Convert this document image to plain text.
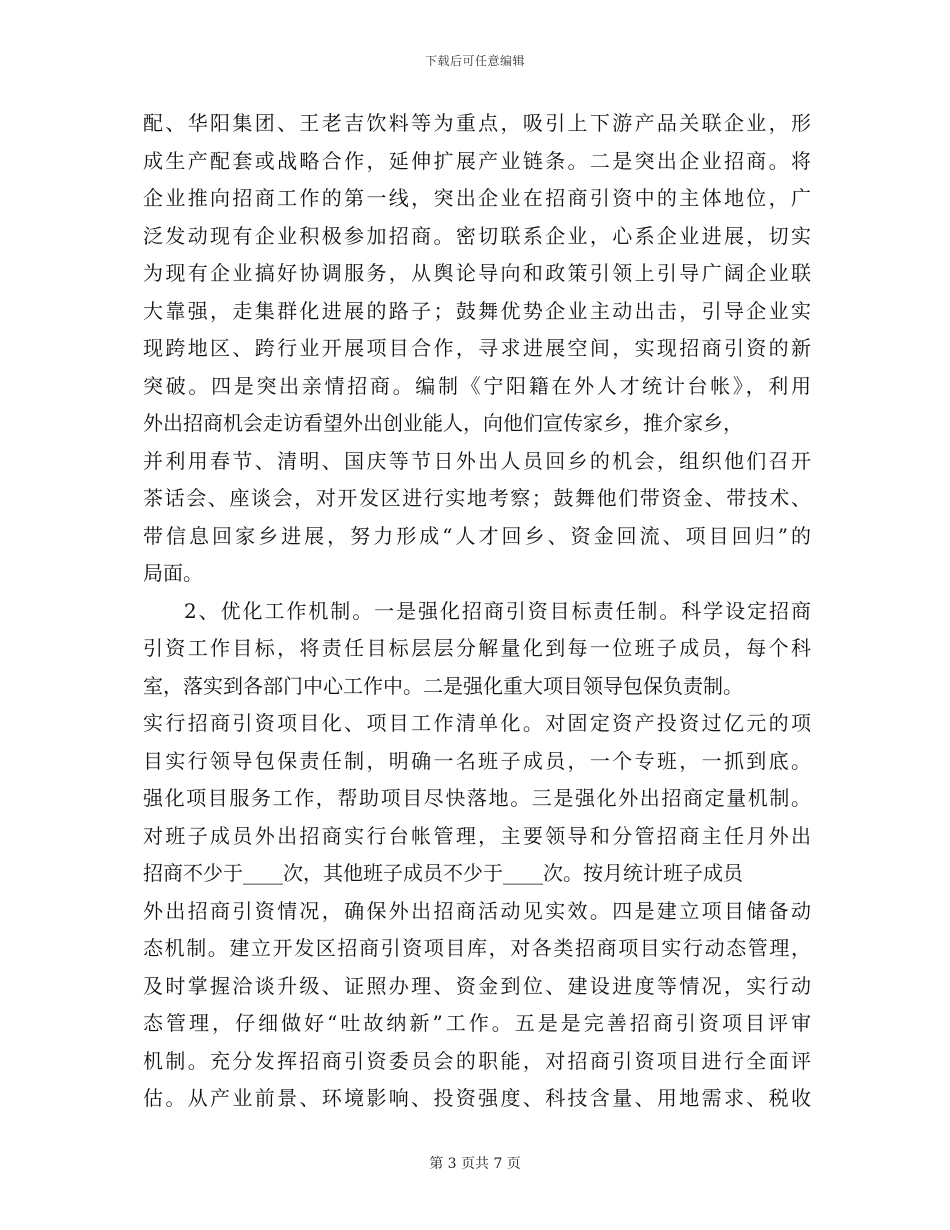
下载后可任意编辑
配、华阳集团、王老吉饮料等为重点，吸引上下游产品关联企业，形
成生产配套或战略合作，延伸扩展产业链条。二是突出企业招商。将
企业推向招商工作的第一线，突出企业在招商引资中的主体地位，广
泛发动现有企业积极参加招商。密切联系企业，心系企业进展，切实
为现有企业搞好协调服务，从舆论导向和政策引领上引导广阔企业联
大靠强，走集群化进展的路子；鼓舞优势企业主动出击，引导企业实
现跨地区、跨行业开展项目合作，寻求进展空间，实现招商引资的新
突破。四是突出亲情招商。编制《宁阳籍在外人才统计台帐》，利用
外出招商机会走访看望外出创业能人，向他们宣传家乡，推介家乡，
并利用春节、清明、国庆等节日外出人员回乡的机会，组织他们召开
茶话会、座谈会，对开发区进行实地考察；鼓舞他们带资金、带技术、
带信息回家乡进展，努力形成“人才回乡、资金回流、项目回归”的
局面。
2、优化工作机制。一是强化招商引资目标责任制。科学设定招商
引资工作目标，将责任目标层层分解量化到每一位班子成员，每个科
室，落实到各部门中心工作中。二是强化重大项目领导包保负责制。
实行招商引资项目化、项目工作清单化。对固定资产投资过亿元的项
目实行领导包保责任制，明确一名班子成员，一个专班，一抓到底。
强化项目服务工作，帮助项目尽快落地。三是强化外出招商定量机制。
对班子成员外出招商实行台帐管理，主要领导和分管招商主任月外出
招商不少于____次，其他班子成员不少于____次。按月统计班子成员
外出招商引资情况，确保外出招商活动见实效。四是建立项目储备动
态机制。建立开发区招商引资项目库，对各类招商项目实行动态管理，
及时掌握洽谈升级、证照办理、资金到位、建设进度等情况，实行动
态管理，仔细做好“吐故纳新”工作。五是是完善招商引资项目评审
机制。充分发挥招商引资委员会的职能，对招商引资项目进行全面评
估。从产业前景、环境影响、投资强度、科技含量、用地需求、税收
第 3 页共 7 页
